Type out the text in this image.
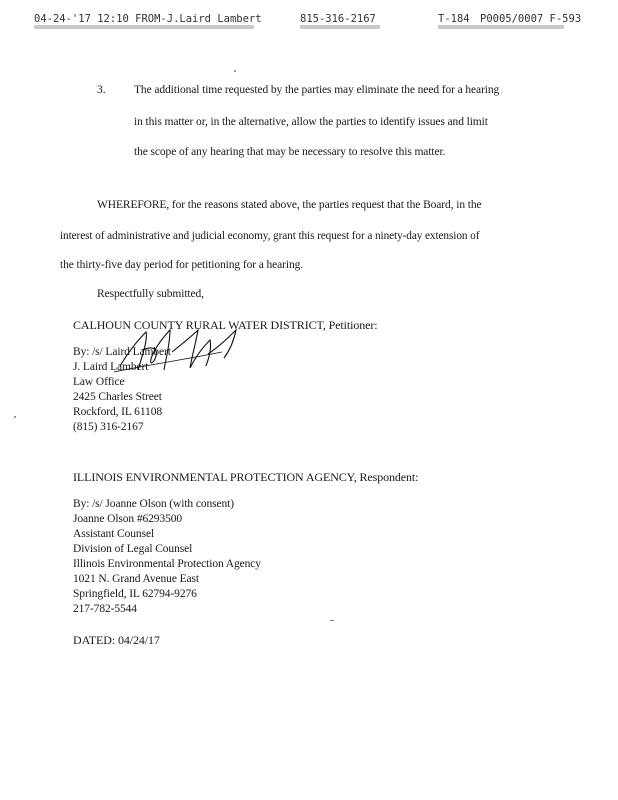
04-24-'17 12:10 FROM-J.Laird Lambert	815-316-2167	T-184 P0005/0007 F-593
3. The additional time requested by the parties may eliminate the need for a hearing
in this matter or, in the alternative, allow the parties to identify issues and limit
the scope of any hearing that may be necessary to resolve this matter.
WHEREFORE, for the reasons stated above, the parties request that the Board, in the
interest of administrative and judicial economy, grant this request for a ninety-day extension of
the thirty-five day period for petitioning for a hearing.
Respectfully submitted,
CALHOUN COUNTY RURAL WATER DISTRICT, Petitioner:
By: /s/ Laird Lambert
J. Laird Lambert
Law Office
2425 Charles Street
Rockford, IL 61108
(815) 316-2167
ILLINOIS ENVIRONMENTAL PROTECTION AGENCY, Respondent:
By: /s/ Joanne Olson (with consent)
Joanne Olson #6293500
Assistant Counsel
Division of Legal Counsel
Illinois Environmental Protection Agency
1021 N. Grand Avenue East
Springfield, IL 62794-9276
217-782-5544
DATED: 04/24/17
